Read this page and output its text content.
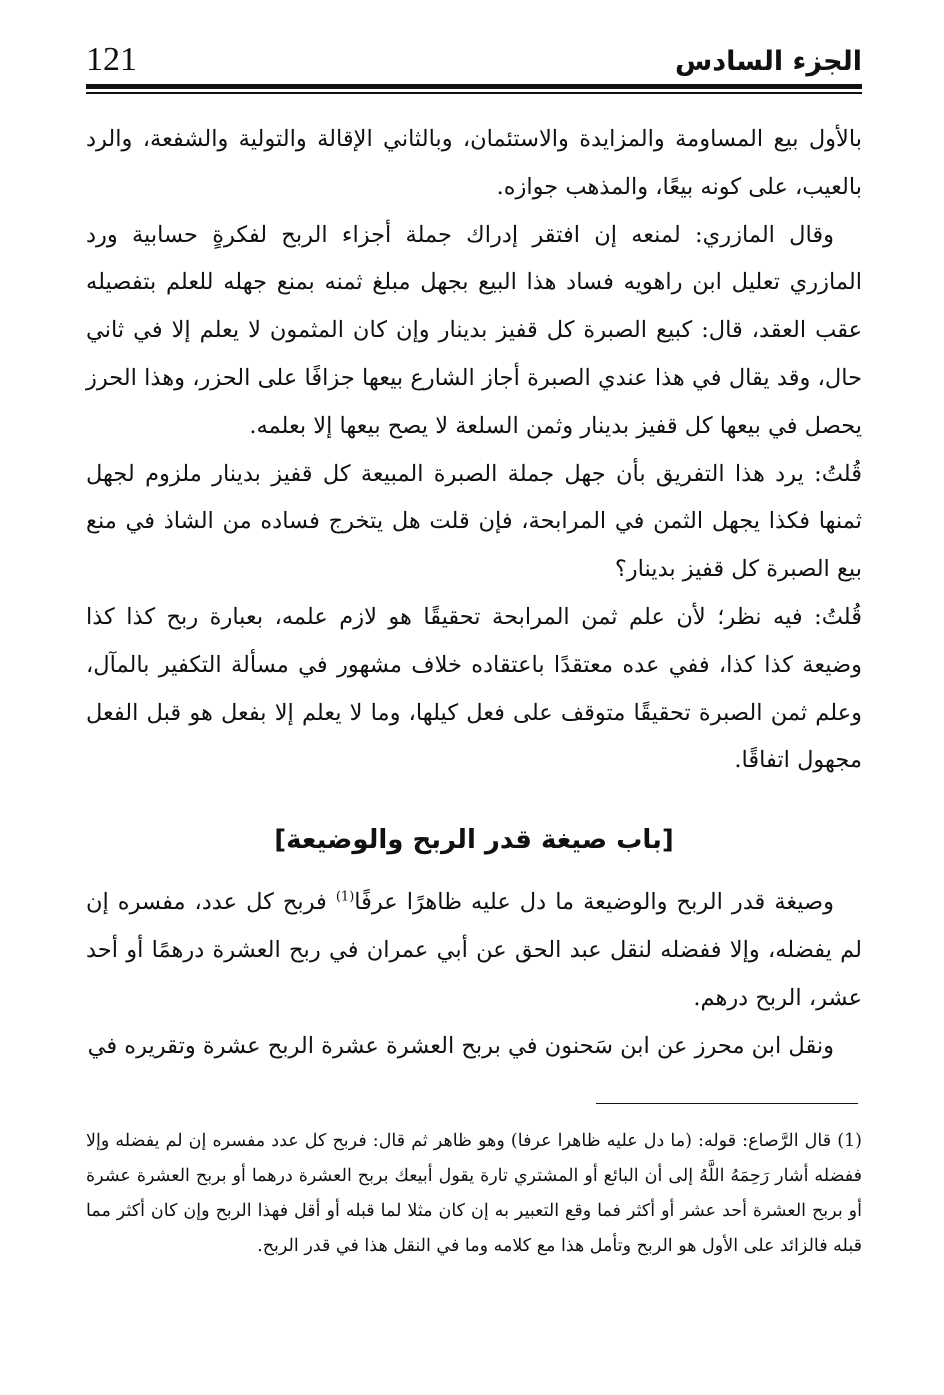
121	الجزء السادس

بالأول بيع المساومة والمزايدة والاستئمان، وبالثاني الإقالة والتولية والشفعة، والرد بالعيب، على كونه بيعًا، والمذهب جوازه.

وقال المازري: لمنعه إن افتقر إدراك جملة أجزاء الربح لفكرةٍ حسابية ورد المازري تعليل ابن راهويه فساد هذا البيع بجهل مبلغ ثمنه بمنع جهله للعلم بتفصيله عقب العقد، قال: كبيع الصبرة كل قفيز بدينار وإن كان المثمون لا يعلم إلا في ثاني حال، وقد يقال في هذا عندي الصبرة أجاز الشارع بيعها جزافًا على الحزر، وهذا الحرز يحصل في بيعها كل قفيز بدينار وثمن السلعة لا يصح بيعها إلا بعلمه.

قُلتُ: يرد هذا التفريق بأن جهل جملة الصبرة المبيعة كل قفيز بدينار ملزوم لجهل ثمنها فكذا يجهل الثمن في المرابحة، فإن قلت هل يتخرج فساده من الشاذ في منع بيع الصبرة كل قفيز بدينار؟

قُلتُ: فيه نظر؛ لأن علم ثمن المرابحة تحقيقًا هو لازم علمه، بعبارة ربح كذا كذا وضيعة كذا كذا، ففي عده معتقدًا باعتقاده خلاف مشهور في مسألة التكفير بالمآل، وعلم ثمن الصبرة تحقيقًا متوقف على فعل كيلها، وما لا يعلم إلا بفعل هو قبل الفعل مجهول اتفاقًا.

[باب صيغة قدر الربح والوضيعة]

وصيغة قدر الربح والوضيعة ما دل عليه ظاهرًا عرفًا$^{(1)}$ فربح كل عدد، مفسره إن لم يفضله، وإلا ففضله لنقل عبد الحق عن أبي عمران في ربح العشرة درهمًا أو أحد عشر، الربح درهم.

ونقل ابن محرز عن ابن سَحنون في بربح العشرة عشرة الربح عشرة وتقريره في

(1) قال الرَّصاع: قوله: (ما دل عليه ظاهرا عرفا) وهو ظاهر ثم قال: فربح كل عدد مفسره إن لم يفضله وإلا ففضله أشار رَحِمَهُ اللَّهُ إلى أن البائع أو المشتري تارة يقول أبيعك بربح العشرة درهما أو بربح العشرة عشرة أو بربح العشرة أحد عشر أو أكثر فما وقع التعبير به إن كان مثلا لما قبله أو أقل فهذا الربح وإن كان أكثر مما قبله فالزائد على الأول هو الربح وتأمل هذا مع كلامه وما في النقل هذا في قدر الربح.
